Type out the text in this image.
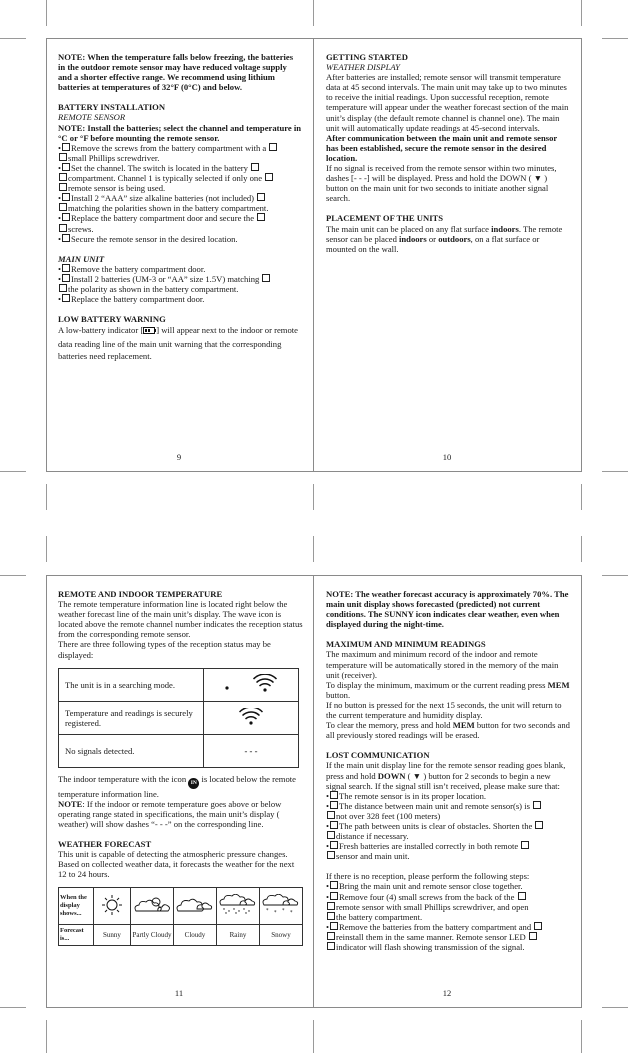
NOTE: When the temperature falls below freezing, the batteries in the outdoor remote sensor may have reduced voltage supply and a shorter effective range. We recommend using lithium batteries at temperatures of 32°F (0°C) and below.

BATTERY INSTALLATION

REMOTE SENSOR

NOTE: Install the batteries; select the channel and temperature in °C or °F before mounting the remote sensor.

• Remove the screws from the battery compartment with a
small Phillips screwdriver.
• Set the channel. The switch is located in the battery
compartment. Channel 1 is typically selected if only one
remote sensor is being used.
• Install 2 “AAA” size alkaline batteries (not included)
matching the polarities shown in the battery compartment.
• Replace the battery compartment door and secure the
screws.
• Secure the remote sensor in the desired location.

MAIN UNIT

• Remove the battery compartment door.
• Install 2 batteries (UM-3 or “AA” size 1.5V) matching
the polarity as shown in the battery compartment.
• Replace the battery compartment door.

LOW BATTERY WARNING

A low-battery indicator [ ] will appear next to the indoor or remote data reading line of the main unit warning that the corresponding batteries need replacement.

9

GETTING STARTED

WEATHER DISPLAY

After batteries are installed; remote sensor will transmit temperature data at 45 second intervals. The main unit may take up to two minutes to receive the initial readings. Upon successful reception, remote temperature will appear under the weather forecast section of the main unit’s display (the default remote channel is channel one). The main unit will automatically update readings at 45-second intervals.

After communication between the main unit and remote sensor has been established, secure the remote sensor in the desired location.

If no signal is received from the remote sensor within two minutes, dashes [- - -] will be displayed. Press and hold the DOWN ( ▼ ) button on the main unit for two seconds to initiate another signal search.

PLACEMENT OF THE UNITS

The main unit can be placed on any flat surface indoors. The remote sensor can be placed indoors or outdoors, on a flat surface or mounted on the wall.

10

REMOTE AND INDOOR TEMPERATURE

The remote temperature information line is located right below the weather forecast line of the main unit’s display. The wave icon is located above the remote channel number indicates the reception status from the corresponding remote sensor.

There are three following types of the reception status may be displayed:

The unit is in a searching mode.	
Temperature and readings is securely registered.	
No signals detected.	- - -

The indoor temperature with the icon IN is located below the remote temperature information line.

NOTE: If the indoor or remote temperature goes above or below operating range stated in specifications, the main unit’s display ( weather) will show dashes “- - -” on the corresponding line.

WEATHER FORECAST

This unit is capable of detecting the atmospheric pressure changes. Based on collected weather data, it forecasts the weather for the next 12 to 24 hours.

When the display shows...					* * * *

Forecast is...	Sunny	Partly Cloudy	Cloudy	Rainy	Snowy
11

NOTE: The weather forecast accuracy is approximately 70%. The main unit display shows forecasted (predicted) not current conditions. The SUNNY icon indicates clear weather, even when displayed during the night-time.

MAXIMUM AND MINIMUM READINGS

The maximum and minimum record of the indoor and remote temperature will be automatically stored in the memory of the main unit (receiver).

To display the minimum, maximum or the current reading press MEM button.

If no button is pressed for the next 15 seconds, the unit will return to the current temperature and humidity display.

To clear the memory, press and hold MEM button for two seconds and all previously stored readings will be erased.

LOST COMMUNICATION

If the main unit display line for the remote sensor reading goes blank, press and hold DOWN ( ▼ ) button for 2 seconds to begin a new signal search. If the signal still isn’t received, please make sure that:

• The remote sensor is in its proper location.
• The distance between main unit and remote sensor(s) is
not over 328 feet (100 meters)
• The path between units is clear of obstacles. Shorten the
distance if necessary.
• Fresh batteries are installed correctly in both remote
sensor and main unit.

If there is no reception, please perform the following steps:

• Bring the main unit and remote sensor close together.
• Remove four (4) small screws from the back of the
remote sensor with small Phillips screwdriver, and open
the battery compartment.
• Remove the batteries from the battery compartment and
reinstall them in the same manner. Remote sensor LED
indicator will flash showing transmission of the signal.
12
